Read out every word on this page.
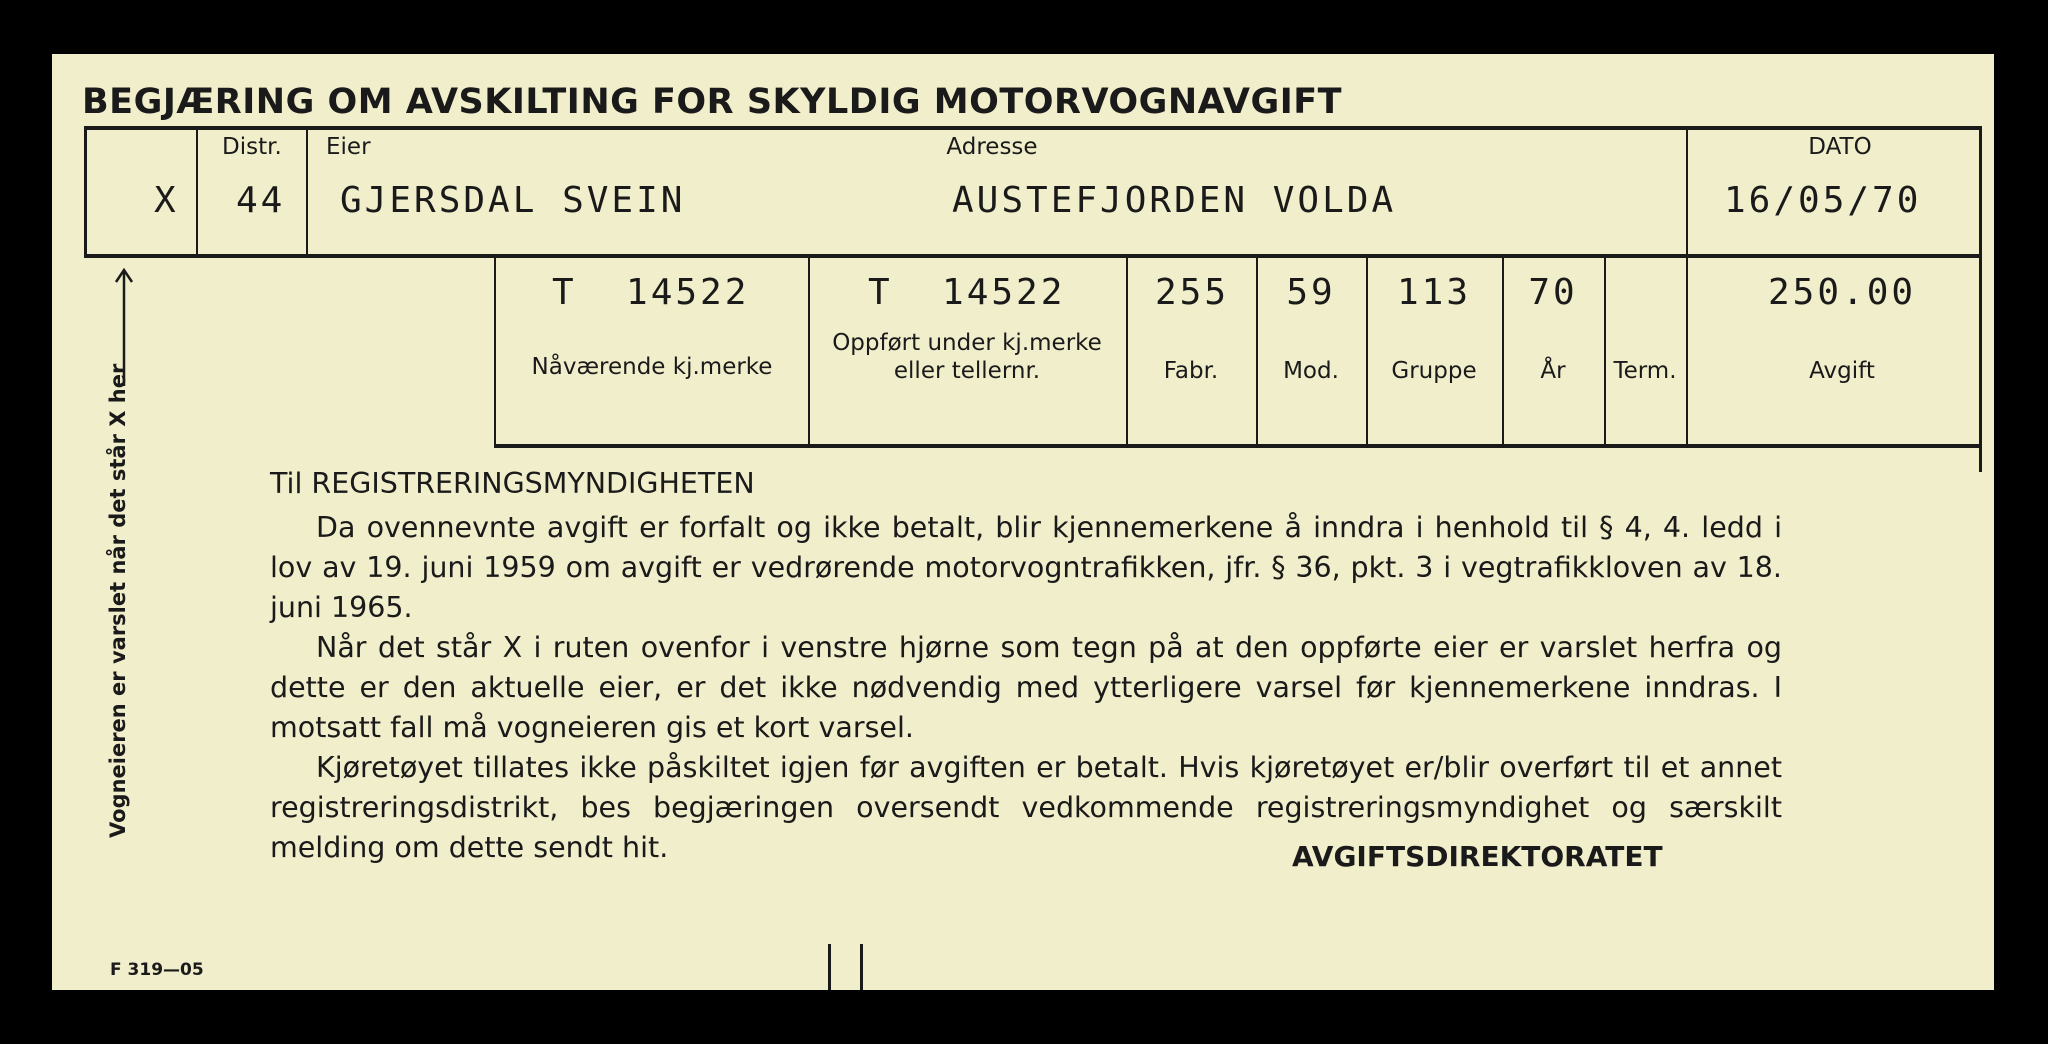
BEGJÆRING OM AVSKILTING FOR SKYLDIG MOTORVOGNAVGIFT
X
Distr.
44
Eier
GJERSDAL SVEIN
Adresse
AUSTEFJORDEN VOLDA
DATO
16/05/70
T  14522
Nåværende kj.merke
T  14522
Oppført under kj.merke
eller tellernr.
255
Fabr.
59
Mod.
113
Gruppe
70
År Term.
250.00
Avgift
Vogneieren er varslet når det står X her	Til REGISTRERINGSMYNDIGHETEN

Da ovennevnte avgift er forfalt og ikke betalt, blir kjennemerkene å inndra i henhold til § 4, 4. ledd i lov av 19. juni 1959 om avgift er vedrørende motorvogntrafikken, jfr. § 36, pkt. 3 i vegtrafikkloven av 18. juni 1965.

Når det står X i ruten ovenfor i venstre hjørne som tegn på at den oppførte eier er varslet herfra og dette er den aktuelle eier, er det ikke nødvendig med ytterligere varsel før kjennemerkene inndras. I motsatt fall må vogneieren gis et kort varsel.

Kjøretøyet tillates ikke påskiltet igjen før avgiften er betalt. Hvis kjøretøyet er/blir overført til et annet registreringsdistrikt, bes begjæringen oversendt vedkommende registreringsmyndighet og særskilt melding om dette sendt hit.	AVGIFTSDIREKTORATET
F 319—05
